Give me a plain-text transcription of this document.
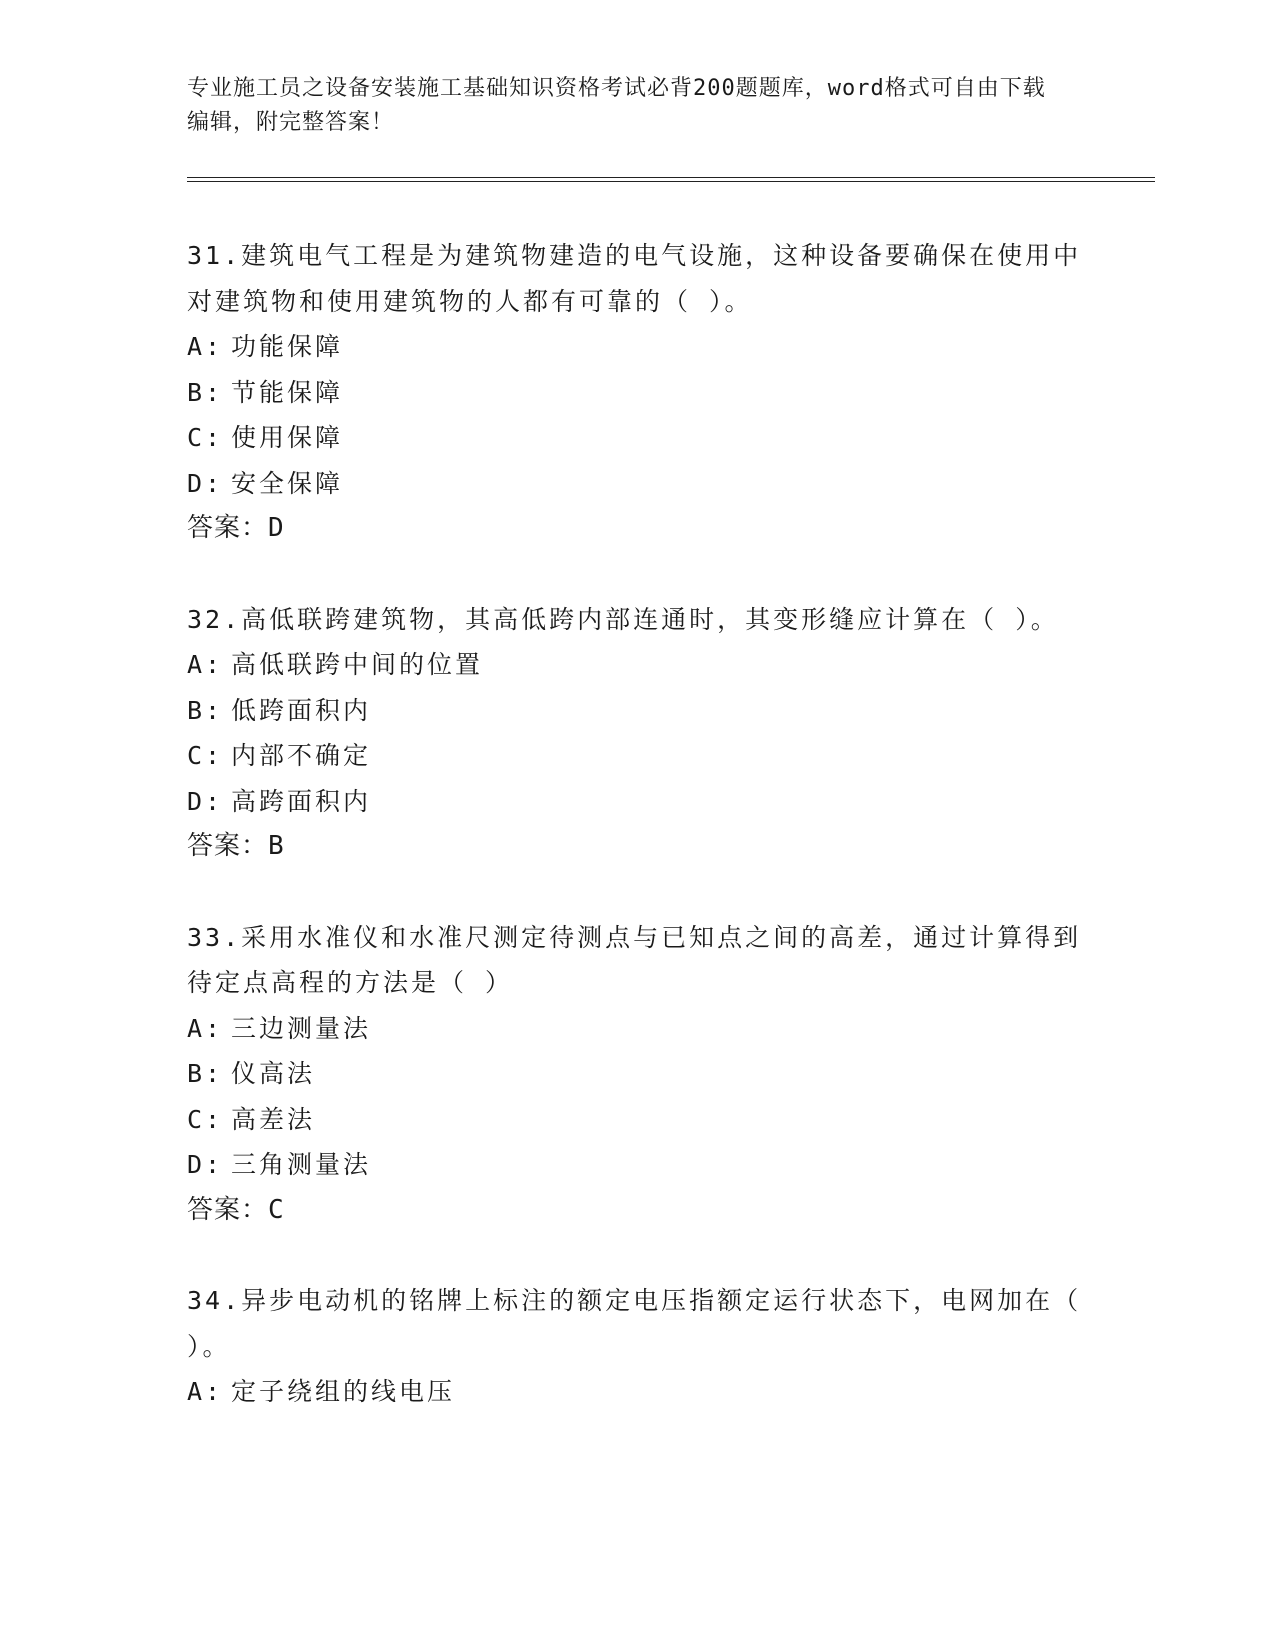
专业施工员之设备安装施工基础知识资格考试必背200题题库，word格式可自由下载编辑，附完整答案！

31.建筑电气工程是为建筑物建造的电气设施，这种设备要确保在使用中对建筑物和使用建筑物的人都有可靠的（ ）。

A: 功能保障

B: 节能保障

C: 使用保障

D: 安全保障

答案：D

32.高低联跨建筑物，其高低跨内部连通时，其变形缝应计算在（ ）。

A: 高低联跨中间的位置

B: 低跨面积内

C: 内部不确定

D: 高跨面积内

答案：B

33.采用水准仪和水准尺测定待测点与已知点之间的高差，通过计算得到待定点高程的方法是（ ）

A: 三边测量法

B: 仪高法

C: 高差法

D: 三角测量法

答案：C

34.异步电动机的铭牌上标注的额定电压指额定运行状态下，电网加在（ ）。

A: 定子绕组的线电压
